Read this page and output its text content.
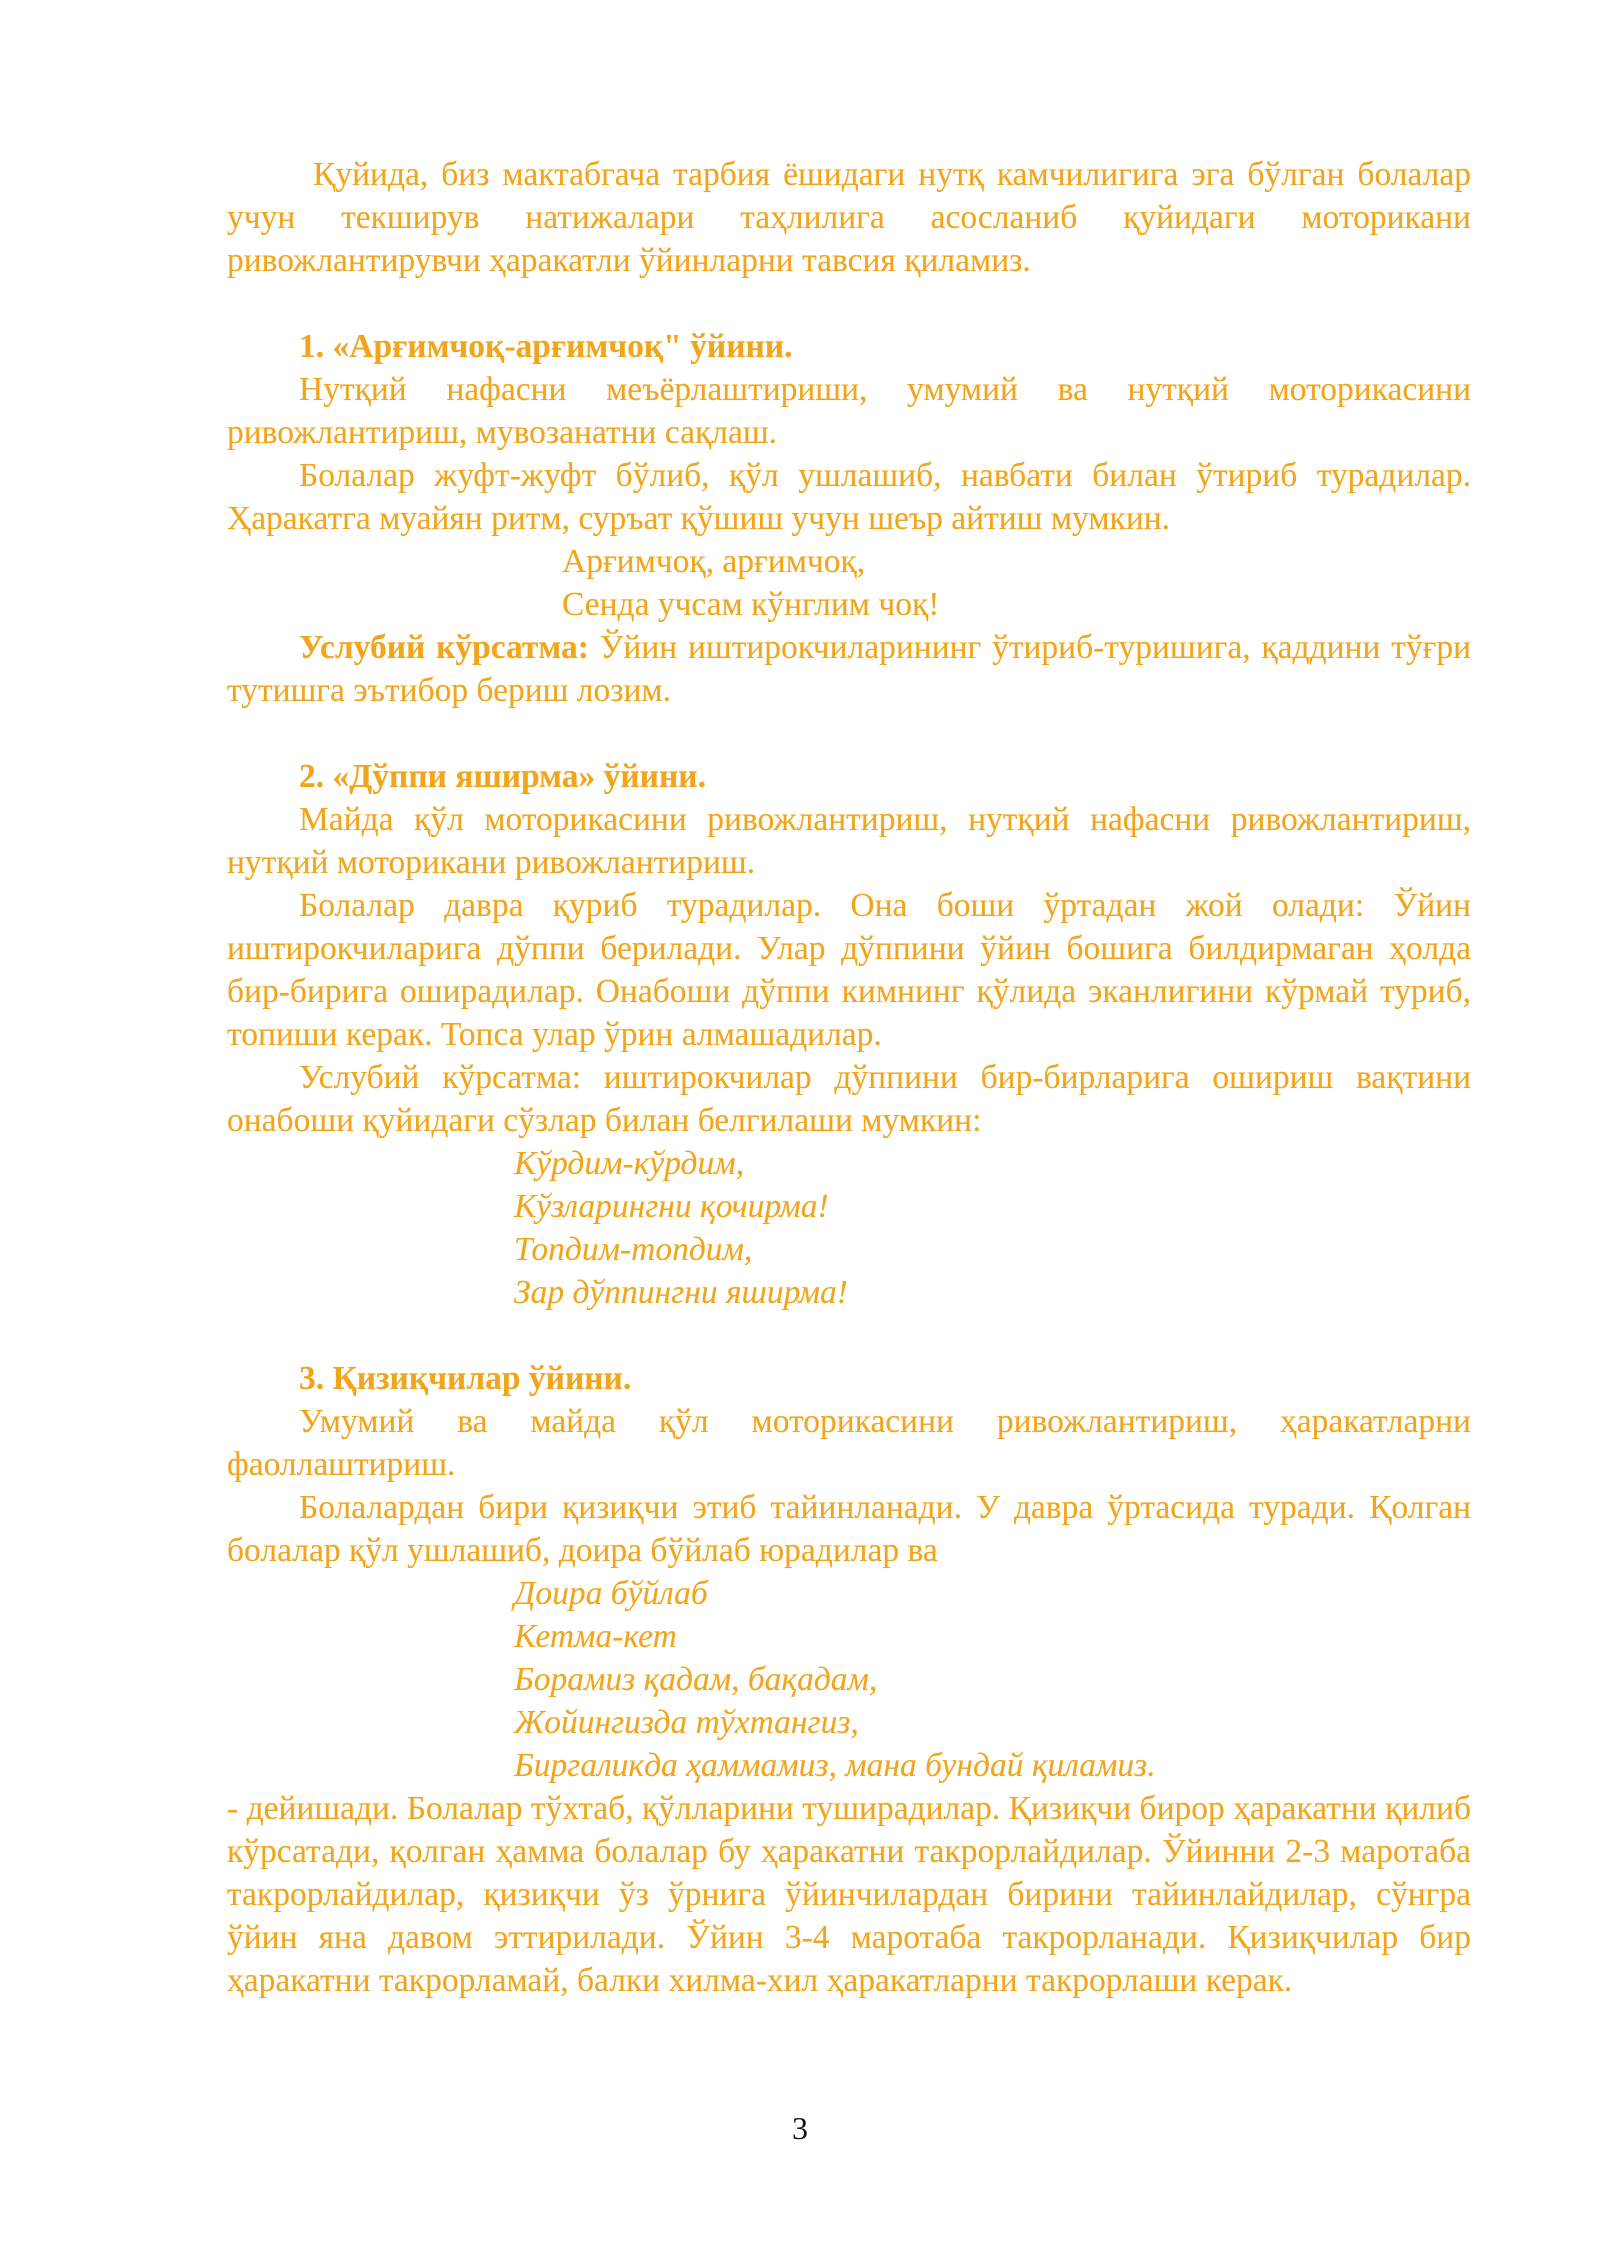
Қуйида, биз мактабгача тарбия ёшидаги нутқ камчилигига эга бўлган болалар учун текширув натижалари таҳлилига асосланиб қуйидаги моторикани ривожлантирувчи ҳаракатли ўйинларни тавсия қиламиз.

1. «Арғимчоқ-арғимчоқ" ўйини.

Нутқий нафасни меъёрлаштириши, умумий ва нутқий моторикасини ривожлантириш, мувозанатни сақлаш.

Болалар жуфт-жуфт бўлиб, қўл ушлашиб, навбати билан ўтириб турадилар. Ҳаракатга муайян ритм, суръат қўшиш учун шеър айтиш мумкин.

Арғимчоқ, арғимчоқ,

Сенда учсам кўнглим чоқ!

Услубий кўрсатма: Ўйин иштирокчиларининг ўтириб-туришига, қаддини тўғри тутишга эътибор бериш лозим.

2. «Дўппи яширма» ўйини.

Майда қўл моторикасини ривожлантириш, нутқий нафасни ривожлантириш, нутқий моторикани ривожлантириш.

Болалар давра қуриб турадилар. Она боши ўртадан жой олади: Ўйин иштирокчиларига дўппи берилади. Улар дўппини ўйин бошига билдирмаган ҳолда бир-бирига оширадилар. Онабоши дўппи кимнинг қўлида эканлигини кўрмай туриб, топиши керак. Топса улар ўрин алмашадилар.

Услубий кўрсатма: иштирокчилар дўппини бир-бирларига ошириш вақтини онабоши қуйидаги сўзлар билан белгилаши мумкин:

Кўрдим-кўрдим,

Кўзларингни қочирма!

Топдим-топдим,

Зар дўппингни яширма!

3. Қизиқчилар ўйини.

Умумий ва майда қўл моторикасини ривожлантириш, ҳаракатларни фаоллаштириш.

Болалардан бири қизиқчи этиб тайинланади. У давра ўртасида туради. Қолган болалар қўл ушлашиб, доира бўйлаб юрадилар ва

Доира бўйлаб

Кетма-кет

Борамиз қадам, бақадам,

Жойингизда тўхтангиз,

Биргаликда ҳаммамиз, мана бундай қиламиз.

- дейишади. Болалар тўхтаб, қўлларини туширадилар. Қизиқчи бирор ҳаракатни қилиб кўрсатади, қолган ҳамма болалар бу ҳаракатни такрорлайдилар. Ўйинни 2-3 маротаба такрорлайдилар, қизиқчи ўз ўрнига ўйинчилардан бирини тайинлайдилар, сўнгра ўйин яна давом эттирилади. Ўйин 3-4 маротаба такрорланади. Қизиқчилар бир ҳаракатни такрорламай, балки хилма-хил ҳаракатларни такрорлаши керак.

3
